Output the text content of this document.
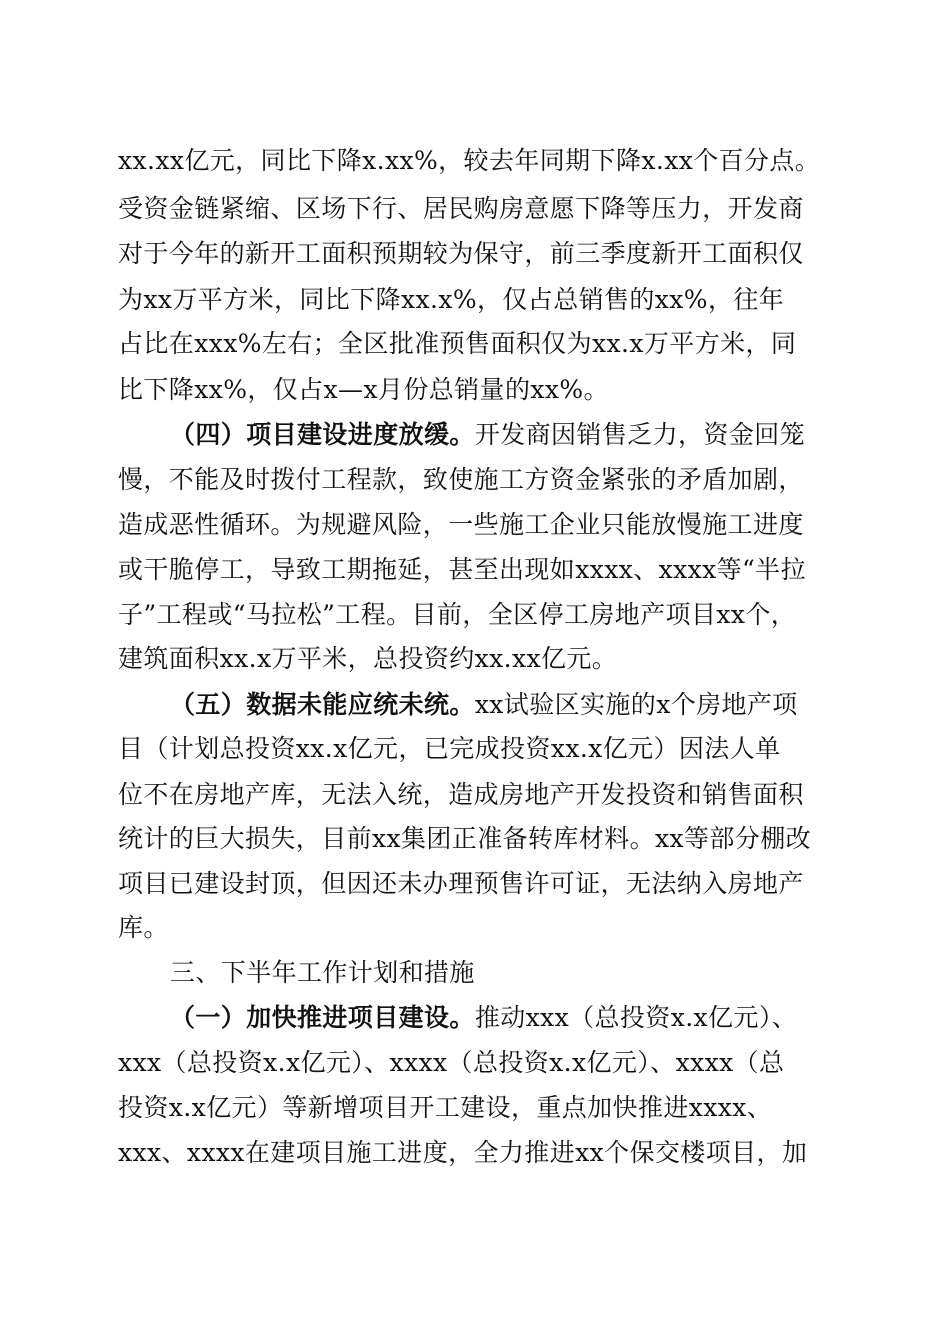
xx.xx亿元，同比下降x.xx%，较去年同期下降x.xx个百分点。
受资金链紧缩、区场下行、居民购房意愿下降等压力，开发商
对于今年的新开工面积预期较为保守，前三季度新开工面积仅
为xx万平方米，同比下降xx.x%，仅占总销售的xx%，往年
占比在xxx%左右；全区批准预售面积仅为xx.x万平方米，同
比下降xx%，仅占x—x月份总销量的xx%。
（四）项目建设进度放缓。开发商因销售乏力，资金回笼
慢，不能及时拨付工程款，致使施工方资金紧张的矛盾加剧，
造成恶性循环。为规避风险，一些施工企业只能放慢施工进度
或干脆停工，导致工期拖延，甚至出现如xxxx、xxxx等“半拉
子”工程或“马拉松”工程。目前，全区停工房地产项目xx个，
建筑面积xx.x万平米，总投资约xx.xx亿元。
（五）数据未能应统未统。xx试验区实施的x个房地产项
目（计划总投资xx.x亿元，已完成投资xx.x亿元）因法人单
位不在房地产库，无法入统，造成房地产开发投资和销售面积
统计的巨大损失，目前xx集团正准备转库材料。xx等部分棚改
项目已建设封顶，但因还未办理预售许可证，无法纳入房地产
库。
三、下半年工作计划和措施
（一）加快推进项目建设。推动xxx（总投资x.x亿元）、
xxx（总投资x.x亿元）、xxxx（总投资x.x亿元）、xxxx（总
投资x.x亿元）等新增项目开工建设，重点加快推进xxxx、
xxx、xxxx在建项目施工进度，全力推进xx个保交楼项目，加
